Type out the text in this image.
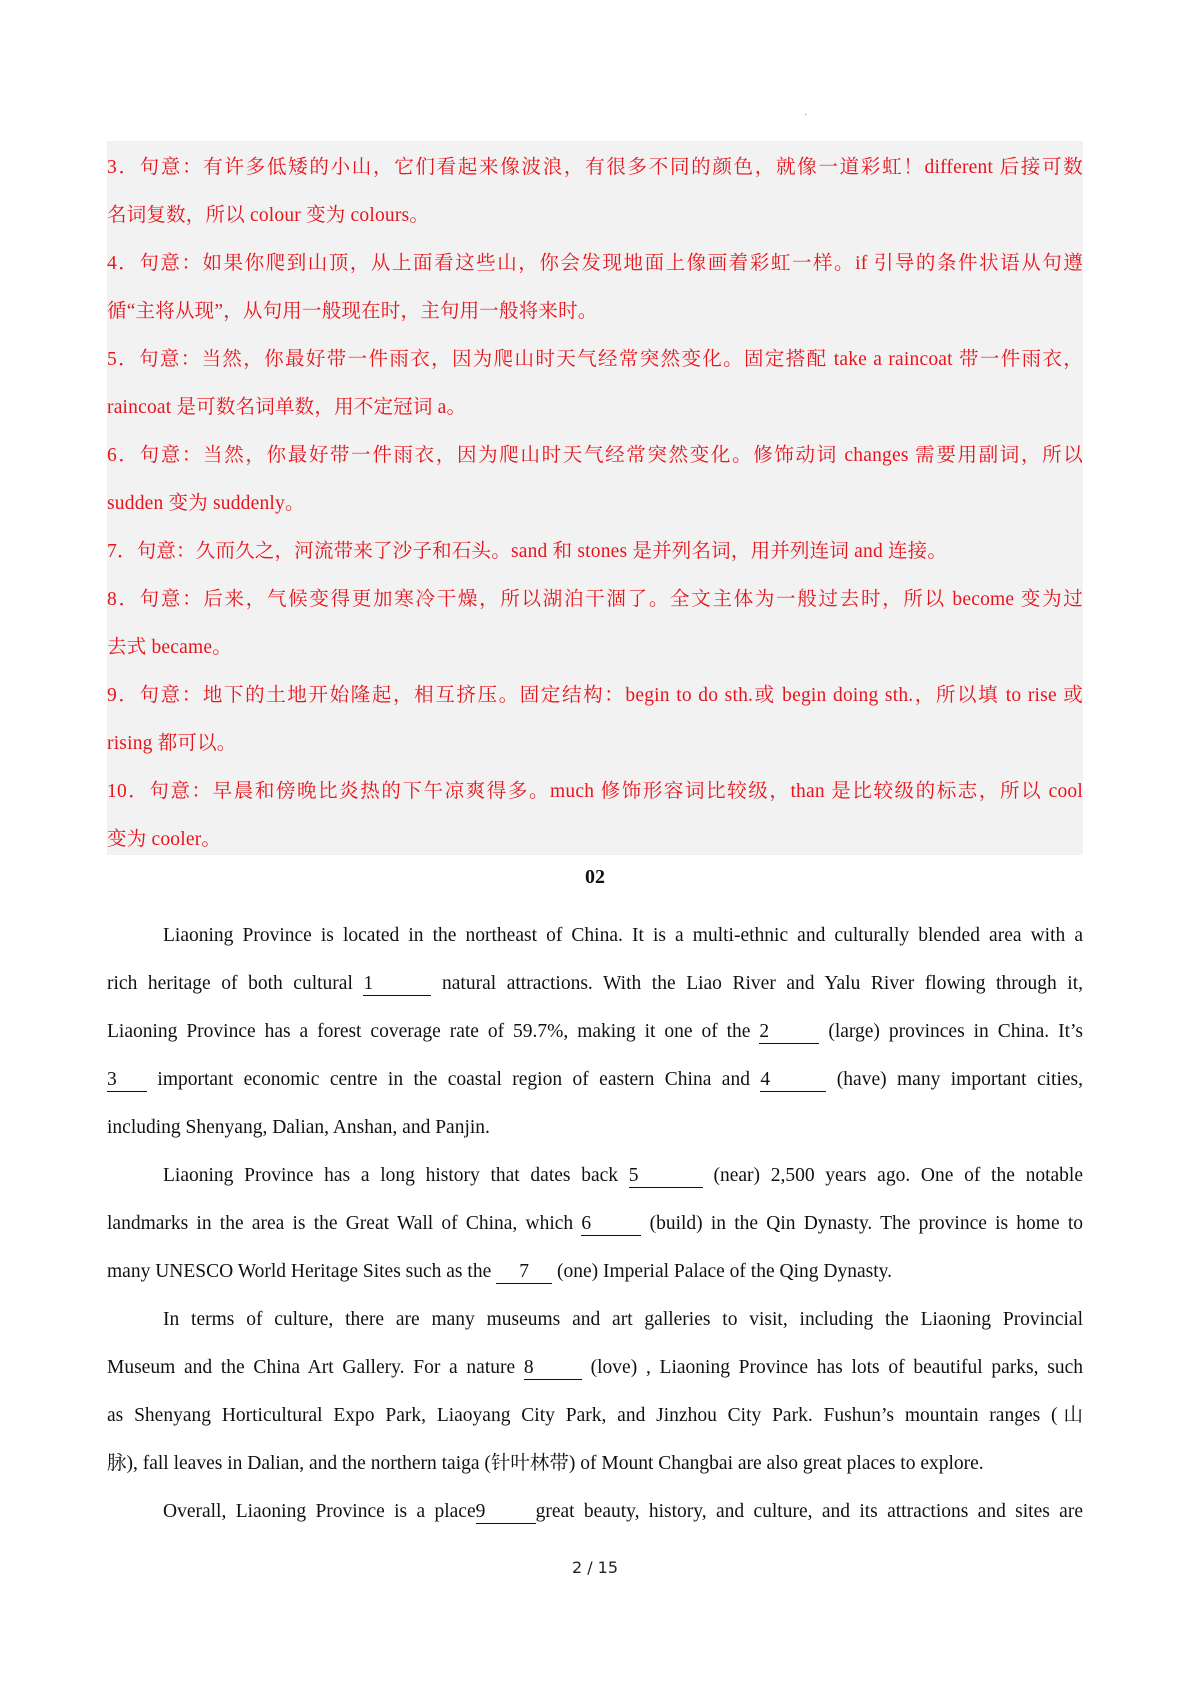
·
3．句意：有许多低矮的小山，它们看起来像波浪，有很多不同的颜色，就像一道彩虹！different 后接可数
名词复数，所以 colour 变为 colours。
4．句意：如果你爬到山顶，从上面看这些山，你会发现地面上像画着彩虹一样。if 引导的条件状语从句遵
循“主将从现”，从句用一般现在时，主句用一般将来时。
5．句意：当然，你最好带一件雨衣，因为爬山时天气经常突然变化。固定搭配 take a raincoat 带一件雨衣，
raincoat 是可数名词单数，用不定冠词 a。
6．句意：当然，你最好带一件雨衣，因为爬山时天气经常突然变化。修饰动词 changes 需要用副词，所以
sudden 变为 suddenly。
7．句意：久而久之，河流带来了沙子和石头。sand 和 stones 是并列名词，用并列连词 and 连接。
8．句意：后来，气候变得更加寒冷干燥，所以湖泊干涸了。全文主体为一般过去时，所以 become 变为过
去式 became。
9．句意：地下的土地开始隆起，相互挤压。固定结构：begin to do sth.或 begin doing sth.，所以填 to rise 或
rising 都可以。
10．句意：早晨和傍晚比炎热的下午凉爽得多。much 修饰形容词比较级，than 是比较级的标志，所以 cool
变为 cooler。
02
Liaoning Province is located in the northeast of China. It is a multi-ethnic and culturally blended area with a
rich heritage of both cultural 1	natural attractions. With the Liao River and Yalu River flowing through it,
Liaoning Province has a forest coverage rate of 59.7%, making it one of the 2	(large) provinces in China. It’s
3 important economic centre in the coastal region of eastern China and 4	(have) many important cities,
including Shenyang, Dalian, Anshan, and Panjin.
Liaoning Province has a long history that dates back 5	(near) 2,500 years ago. One of the notable
landmarks in the area is the Great Wall of China, which 6	(build) in the Qin Dynasty. The province is home to
many UNESCO World Heritage Sites such as the 7 (one) Imperial Palace of the Qing Dynasty.
In terms of culture, there are many museums and art galleries to visit, including the Liaoning Provincial
Museum and the China Art Gallery. For a nature 8 (love) , Liaoning Province has lots of beautiful parks, such
as Shenyang Horticultural Expo Park, Liaoyang City Park, and Jinzhou City Park. Fushun’s mountain ranges (山
脉), fall leaves in Dalian, and the northern taiga (针叶林带) of Mount Changbai are also great places to explore.
Overall, Liaoning Province is a place9	great beauty, history, and culture, and its attractions and sites are
2 / 15
